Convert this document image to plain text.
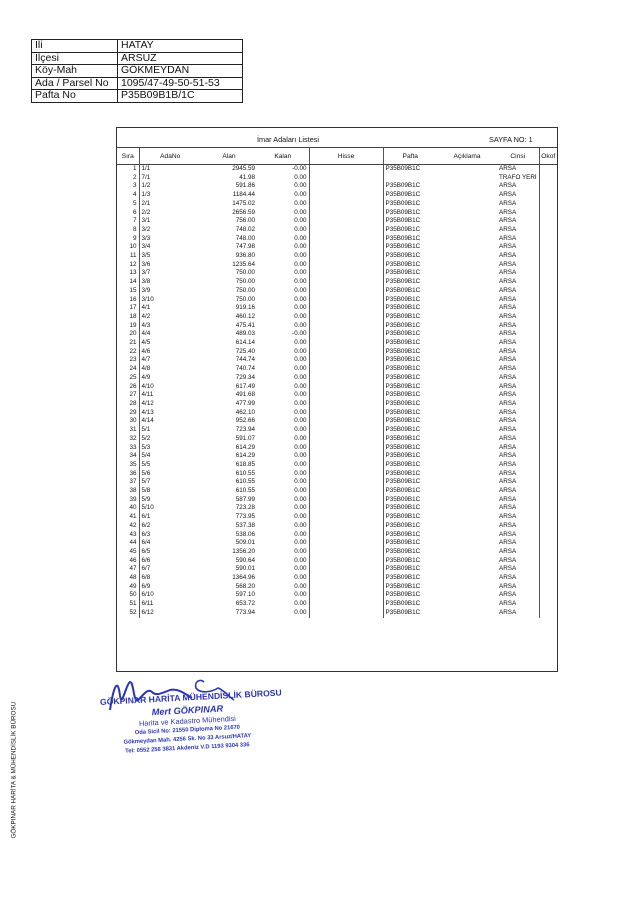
İli	HATAY
İlçesi	ARSUZ
Köy-Mah	GÖKMEYDAN
Ada / Parsel No	1095/47-49-50-51-53
Pafta No	P35B09B1B/1C
İmar Adaları Listesi	SAYFA NO: 1
Sıra	AdaNo	Alan	Kalan	Hisse	Pafta	Açıklama	Cinsi	Okof
1	1/1	2945.59	-0.00		P35B09B1C		ARSA	
2	7/1	41.98	0.00				TRAFO YERİ	
3	1/2	591.86	0.00		P35B09B1C		ARSA	
4	1/3	1184.44	0.00		P35B09B1C		ARSA	
5	2/1	1475.02	0.00		P35B09B1C		ARSA	
6	2/2	2656.59	0.00		P35B09B1C		ARSA	
7	3/1	756.00	0.00		P35B09B1C		ARSA	
8	3/2	748.02	0.00		P35B09B1C		ARSA	
9	3/3	748.00	0.00		P35B09B1C		ARSA	
10	3/4	747.98	0.00		P35B09B1C		ARSA	
11	3/5	936.80	0.00		P35B09B1C		ARSA	
12	3/6	1235.64	0.00		P35B09B1C		ARSA	
13	3/7	750.00	0.00		P35B09B1C		ARSA	
14	3/8	750.00	0.00		P35B09B1C		ARSA	
15	3/9	750.00	0.00		P35B09B1C		ARSA	
16	3/10	750.00	0.00		P35B09B1C		ARSA	
17	4/1	919.16	0.00		P35B09B1C		ARSA	
18	4/2	460.12	0.00		P35B09B1C		ARSA	
19	4/3	475.41	0.00		P35B09B1C		ARSA	
20	4/4	489.03	-0.00		P35B09B1C		ARSA	
21	4/5	614.14	0.00		P35B09B1C		ARSA	
22	4/6	725.40	0.00		P35B09B1C		ARSA	
23	4/7	744.74	0.00		P35B09B1C		ARSA	
24	4/8	740.74	0.00		P35B09B1C		ARSA	
25	4/9	729.34	0.00		P35B09B1C		ARSA	
26	4/10	617.49	0.00		P35B09B1C		ARSA	
27	4/11	491.68	0.00		P35B09B1C		ARSA	
28	4/12	477.99	0.00		P35B09B1C		ARSA	
29	4/13	462.10	0.00		P35B09B1C		ARSA	
30	4/14	952.66	0.00		P35B09B1C		ARSA	
31	5/1	723.94	0.00		P35B09B1C		ARSA	
32	5/2	591.07	0.00		P35B09B1C		ARSA	
33	5/3	614.29	0.00		P35B09B1C		ARSA	
34	5/4	614.29	0.00		P35B09B1C		ARSA	
35	5/5	618.85	0.00		P35B09B1C		ARSA	
36	5/6	610.55	0.00		P35B09B1C		ARSA	
37	5/7	610.55	0.00		P35B09B1C		ARSA	
38	5/8	610.55	0.00		P35B09B1C		ARSA	
39	5/9	587.99	0.00		P35B09B1C		ARSA	
40	5/10	723.28	0.00		P35B09B1C		ARSA	
41	6/1	773.95	0.00		P35B09B1C		ARSA	
42	6/2	537.38	0.00		P35B09B1C		ARSA	
43	6/3	538.06	0.00		P35B09B1C		ARSA	
44	6/4	509.01	0.00		P35B09B1C		ARSA	
45	6/5	1356.20	0.00		P35B09B1C		ARSA	
46	6/6	590.64	0.00		P35B09B1C		ARSA	
47	6/7	590.01	0.00		P35B09B1C		ARSA	
48	6/8	1364.96	0.00		P35B09B1C		ARSA	
49	6/9	568.20	0.00		P35B09B1C		ARSA	
50	6/10	597.10	0.00		P35B09B1C		ARSA	
51	6/11	653.72	0.00		P35B09B1C		ARSA	
52	6/12	773.94	0.00		P35B09B1C		ARSA	
GÖKPINAR HARİTA MÜHENDİSLİK BÜROSU
Mert GÖKPINAR
Harita ve Kadastro Mühendisi
Oda Sicil No: 21550 Diploma No 21670
Gökmeydan Mah. 4256 Sk. No 33 Arsuz/HATAY
Tel: 0552 256 3831 Akdeniz V.D 1193 9304 336
GÖKPINAR HARİTA & MÜHENDİSLİK BÜROSU
